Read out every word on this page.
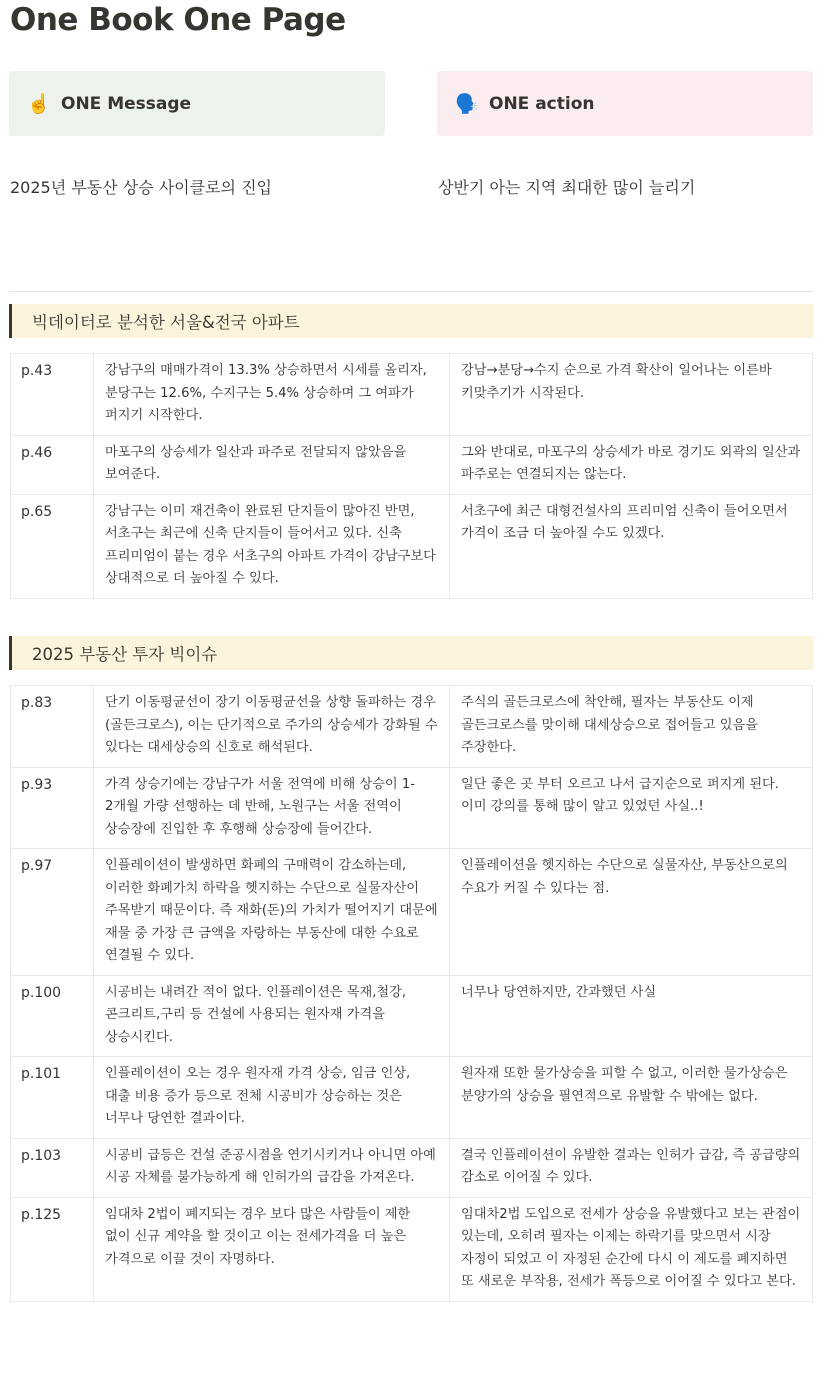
One Book One Page
☝️ ONE Message	🗣️ ONE action
2025년 부동산 상승 사이클로의 진입	상반기 아는 지역 최대한 많이 늘리기
빅데이터로 분석한 서울&전국 아파트
p.43	강남구의 매매가격이 13.3% 상승하면서 시세를 올리자, 분당구는 12.6%, 수지구는 5.4% 상승하며 그 여파가 퍼지기 시작한다.	강남→분당→수지 순으로 가격 확산이 일어나는 이른바 키맞추기가 시작된다.
p.46	마포구의 상승세가 일산과 파주로 전달되지 않았음을 보여준다.	그와 반대로, 마포구의 상승세가 바로 경기도 외곽의 일산과 파주로는 연결되지는 않는다.
p.65	강남구는 이미 재건축이 완료된 단지들이 많아진 반면, 서초구는 최근에 신축 단지들이 들어서고 있다. 신축 프리미엄이 붙는 경우 서초구의 아파트 가격이 강남구보다 상대적으로 더 높아질 수 있다.	서초구에 최근 대형건설사의 프리미엄 신축이 들어오면서 가격이 조금 더 높아질 수도 있겠다.
2025 부동산 투자 빅이슈
p.83	단기 이동평균선이 장기 이동평균선을 상향 돌파하는 경우(골든크로스), 이는 단기적으로 주가의 상승세가 강화될 수 있다는 대세상승의 신호로 해석된다.	주식의 골든크로스에 착안해, 필자는 부동산도 이제 골든크로스를 맞이해 대세상승으로 접어들고 있음을 주장한다.
p.93	가격 상승기에는 강남구가 서울 전역에 비해 상승이 1-2개월 가량 선행하는 데 반해, 노원구는 서울 전역이 상승장에 진입한 후 후행해 상승장에 들어간다.	일단 좋은 곳 부터 오르고 나서 급지순으로 퍼지게 된다. 이미 강의를 통해 많이 알고 있었던 사실..!
p.97	인플레이션이 발생하면 화폐의 구매력이 감소하는데, 이러한 화폐가치 하락을 헷지하는 수단으로 실물자산이 주목받기 때문이다. 즉 재화(돈)의 가치가 떨어지기 대문에 재물 중 가장 큰 금액을 자랑하는 부동산에 대한 수요로 연결될 수 있다.	인플레이션을 헷지하는 수단으로 실물자산, 부동산으로의 수요가 커질 수 있다는 점.
p.100	시공비는 내려간 적이 없다. 인플레이션은 목재,철강,콘크리트,구리 등 건설에 사용되는 원자재 가격을 상승시킨다.	너무나 당연하지만, 간과했던 사실
p.101	인플레이션이 오는 경우 원자재 가격 상승, 임금 인상, 대출 비용 증가 등으로 전체 시공비가 상승하는 것은 너무나 당연한 결과이다.	원자재 또한 물가상승을 피할 수 없고, 이러한 물가상승은 분양가의 상승을 필연적으로 유발할 수 밖에는 없다.
p.103	시공비 급등은 건설 준공시점을 연기시키거나 아니면 아예 시공 자체를 불가능하게 해 인허가의 급감을 가져온다.	결국 인플레이션이 유발한 결과는 인허가 급감, 즉 공급량의 감소로 이어질 수 있다.
p.125	임대차 2법이 폐지되는 경우 보다 많은 사람들이 제한 없이 신규 계약을 할 것이고 이는 전세가격을 더 높은 가격으로 이끌 것이 자명하다.	임대차2법 도입으로 전세가 상승을 유발했다고 보는 관점이 있는데, 오히려 필자는 이제는 하락기를 맞으면서 시장 자정이 되었고 이 자정된 순간에 다시 이 제도를 폐지하면 또 새로운 부작용, 전세가 폭등으로 이어질 수 있다고 본다.
